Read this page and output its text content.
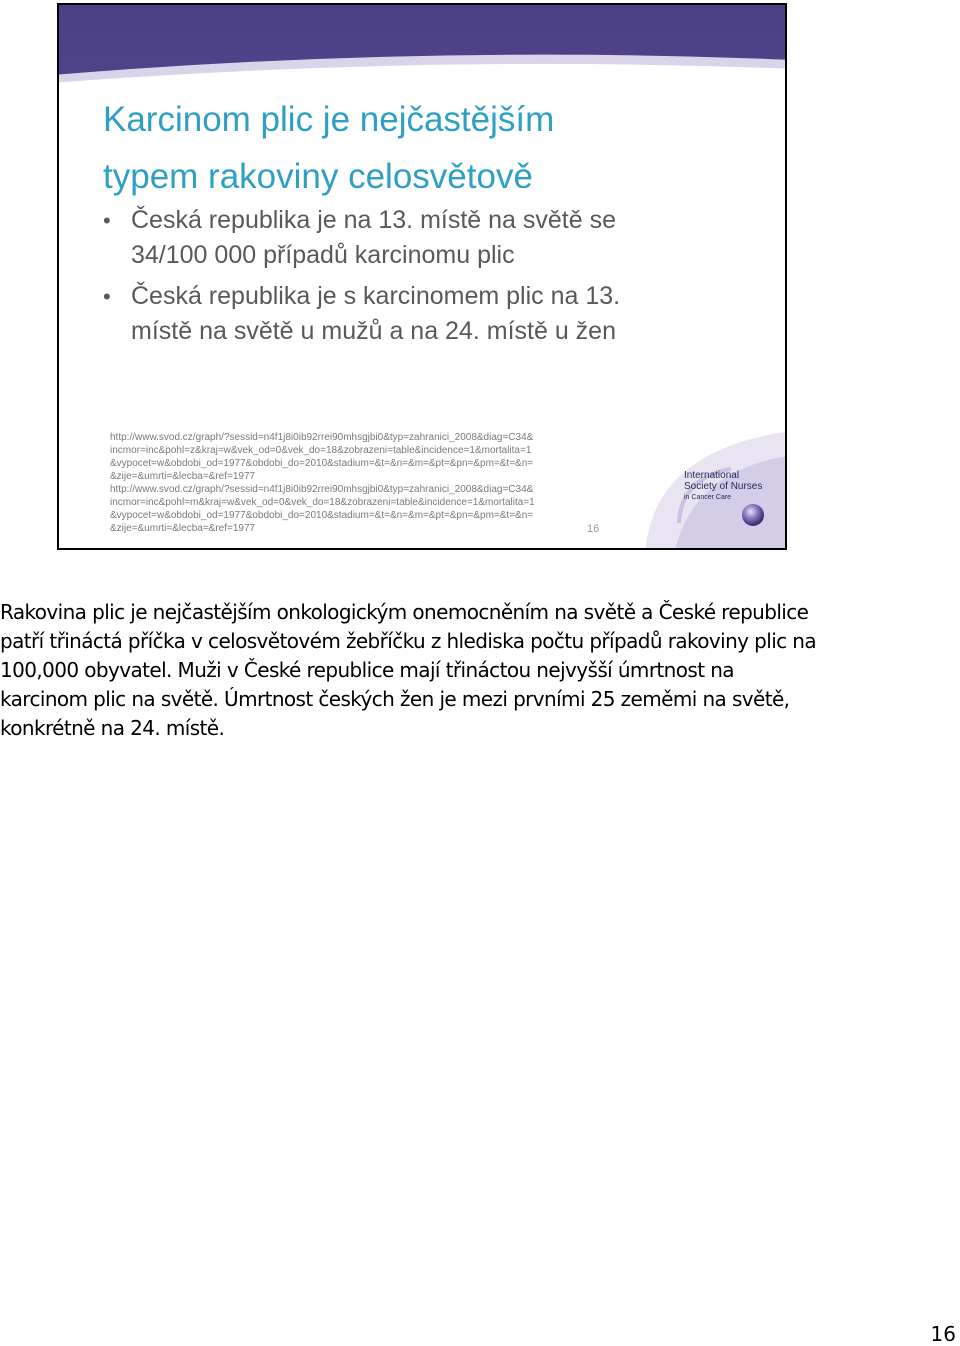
Karcinom plic je nejčastějším
typem rakoviny celosvětově
• Česká republika je na 13. místě na světě se
34/100 000 případů karcinomu plic
• Česká republika je s karcinomem plic na 13.
místě na světě u mužů a na 24. místě u žen
http://www.svod.cz/graph/?sessid=n4f1j8i0ib92rrei90mhsgjbi0&typ=zahranici_2008&diag=C34&
incmor=inc&pohl=z&kraj=w&vek_od=0&vek_do=18&zobrazeni=table&incidence=1&mortalita=1
&vypocet=w&obdobi_od=1977&obdobi_do=2010&stadium=&t=&n=&m=&pt=&pn=&pm=&t=&n=
&zije=&umrti=&lecba=&ref=1977
http://www.svod.cz/graph/?sessid=n4f1j8i0ib92rrei90mhsgjbi0&typ=zahranici_2008&diag=C34&
incmor=inc&pohl=m&kraj=w&vek_od=0&vek_do=18&zobrazeni=table&incidence=1&mortalita=1
&vypocet=w&obdobi_od=1977&obdobi_do=2010&stadium=&t=&n=&m=&pt=&pn=&pm=&t=&n=
&zije=&umrti=&lecba=&ref=1977
International
Society of Nurses
in Cancer Care
16

Rakovina plic je nejčastějším onkologickým onemocněním na světě a České republice
patří třináctá příčka v celosvětovém žebříčku z hlediska počtu případů rakoviny plic na
100,000 obyvatel. Muži v České republice mají třináctou nejvyšší úmrtnost na
karcinom plic na světě. Úmrtnost českých žen je mezi prvními 25 zeměmi na světě,
konkrétně na 24. místě.

16
